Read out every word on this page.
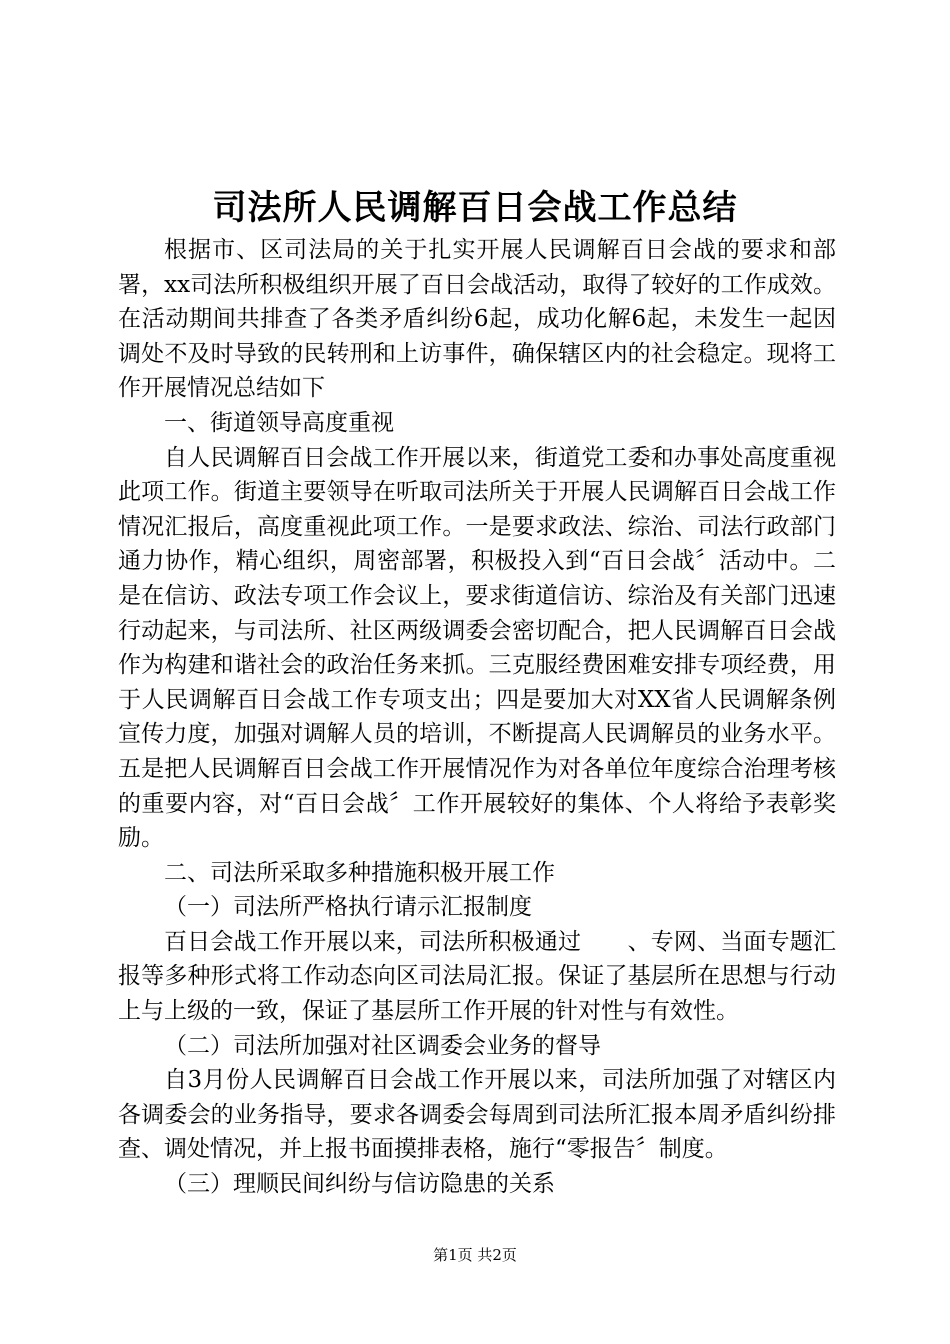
司法所人民调解百日会战工作总结

根据市、区司法局的关于扎实开展人民调解百日会战的要求和部署，xx司法所积极组织开展了百日会战活动，取得了较好的工作成效。在活动期间共排查了各类矛盾纠纷6起，成功化解6起，未发生一起因调处不及时导致的民转刑和上访事件，确保辖区内的社会稳定。现将工作开展情况总结如下

一、街道领导高度重视

自人民调解百日会战工作开展以来，街道党工委和办事处高度重视此项工作。街道主要领导在听取司法所关于开展人民调解百日会战工作情况汇报后，高度重视此项工作。一是要求政法、综治、司法行政部门通力协作，精心组织，周密部署，积极投入到“百日会战〞活动中。二是在信访、政法专项工作会议上，要求街道信访、综治及有关部门迅速行动起来，与司法所、社区两级调委会密切配合，把人民调解百日会战作为构建和谐社会的政治任务来抓。三克服经费困难安排专项经费，用于人民调解百日会战工作专项支出；四是要加大对XX省人民调解条例宣传力度，加强对调解人员的培训，不断提高人民调解员的业务水平。五是把人民调解百日会战工作开展情况作为对各单位年度综合治理考核的重要内容，对“百日会战〞工作开展较好的集体、个人将给予表彰奖励。

二、司法所采取多种措施积极开展工作

（一）司法所严格执行请示汇报制度

百日会战工作开展以来，司法所积极通过　　、专网、当面专题汇报等多种形式将工作动态向区司法局汇报。保证了基层所在思想与行动上与上级的一致，保证了基层所工作开展的针对性与有效性。

（二）司法所加强对社区调委会业务的督导

自3月份人民调解百日会战工作开展以来，司法所加强了对辖区内各调委会的业务指导，要求各调委会每周到司法所汇报本周矛盾纠纷排查、调处情况，并上报书面摸排表格，施行“零报告〞制度。

（三）理顺民间纠纷与信访隐患的关系

第1页 共2页
